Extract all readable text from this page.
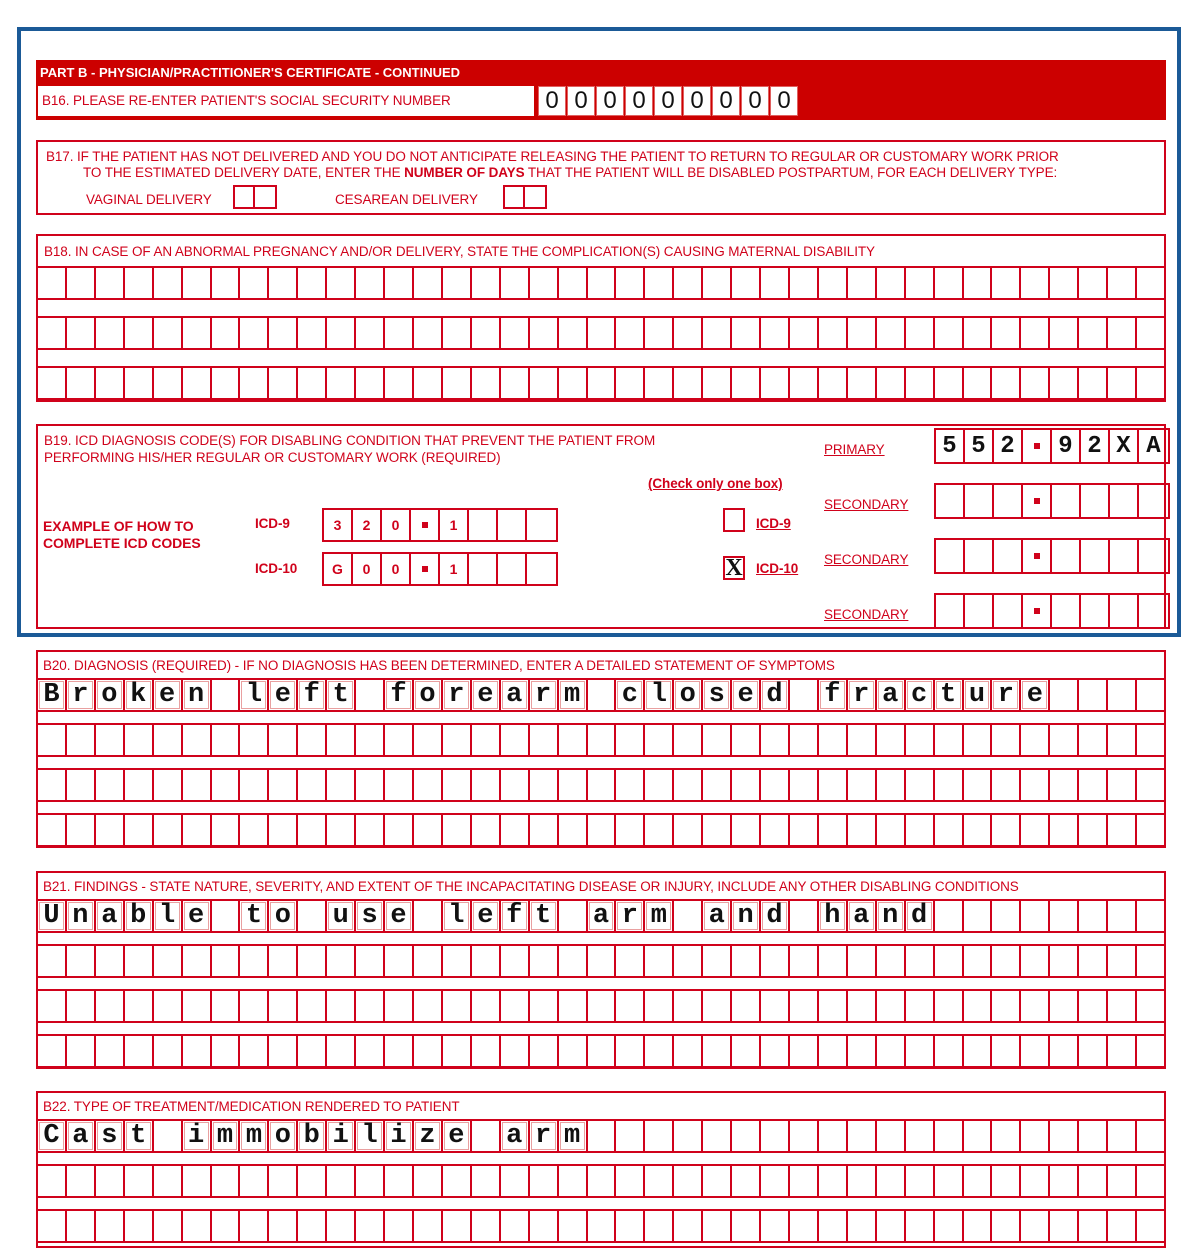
PART B - PHYSICIAN/PRACTITIONER'S CERTIFICATE - CONTINUED
B16. PLEASE RE-ENTER PATIENT'S SOCIAL SECURITY NUMBER	0 0 0 0 0 0 0 0 0
B17. IF THE PATIENT HAS NOT DELIVERED AND YOU DO NOT ANTICIPATE RELEASING THE PATIENT TO RETURN TO REGULAR OR CUSTOMARY WORK PRIOR
TO THE ESTIMATED DELIVERY DATE, ENTER THE NUMBER OF DAYS THAT THE PATIENT WILL BE DISABLED POSTPARTUM, FOR EACH DELIVERY TYPE:
VAGINAL DELIVERY	CESAREAN DELIVERY
B18. IN CASE OF AN ABNORMAL PREGNANCY AND/OR DELIVERY, STATE THE COMPLICATION(S) CAUSING MATERNAL DISABILITY
B19. ICD DIAGNOSIS CODE(S) FOR DISABLING CONDITION THAT PREVENT THE PATIENT FROM
PERFORMING HIS/HER REGULAR OR CUSTOMARY WORK (REQUIRED)
EXAMPLE OF HOW TO
COMPLETE ICD CODES
ICD-9	3	2	0	1
ICD-10	G	0	0	1
(Check only one box)
ICD-9
X ICD-10
PRIMARY 5 5 2	9 2 X A
SECONDARY
SECONDARY
SECONDARY
B20. DIAGNOSIS (REQUIRED) - IF NO DIAGNOSIS HAS BEEN DETERMINED, ENTER A DETAILED STATEMENT OF SYMPTOMS
B r o k e n l e f t f o r e a r m c l o s e d f r a c t u r e
B21. FINDINGS - STATE NATURE, SEVERITY, AND EXTENT OF THE INCAPACITATING DISEASE OR INJURY, INCLUDE ANY OTHER DISABLING CONDITIONS
U n a b l e t o u s e l e f t a r m a n d h a n d
B22. TYPE OF TREATMENT/MEDICATION RENDERED TO PATIENT
C a s t i m m o b i l i z e a r m
